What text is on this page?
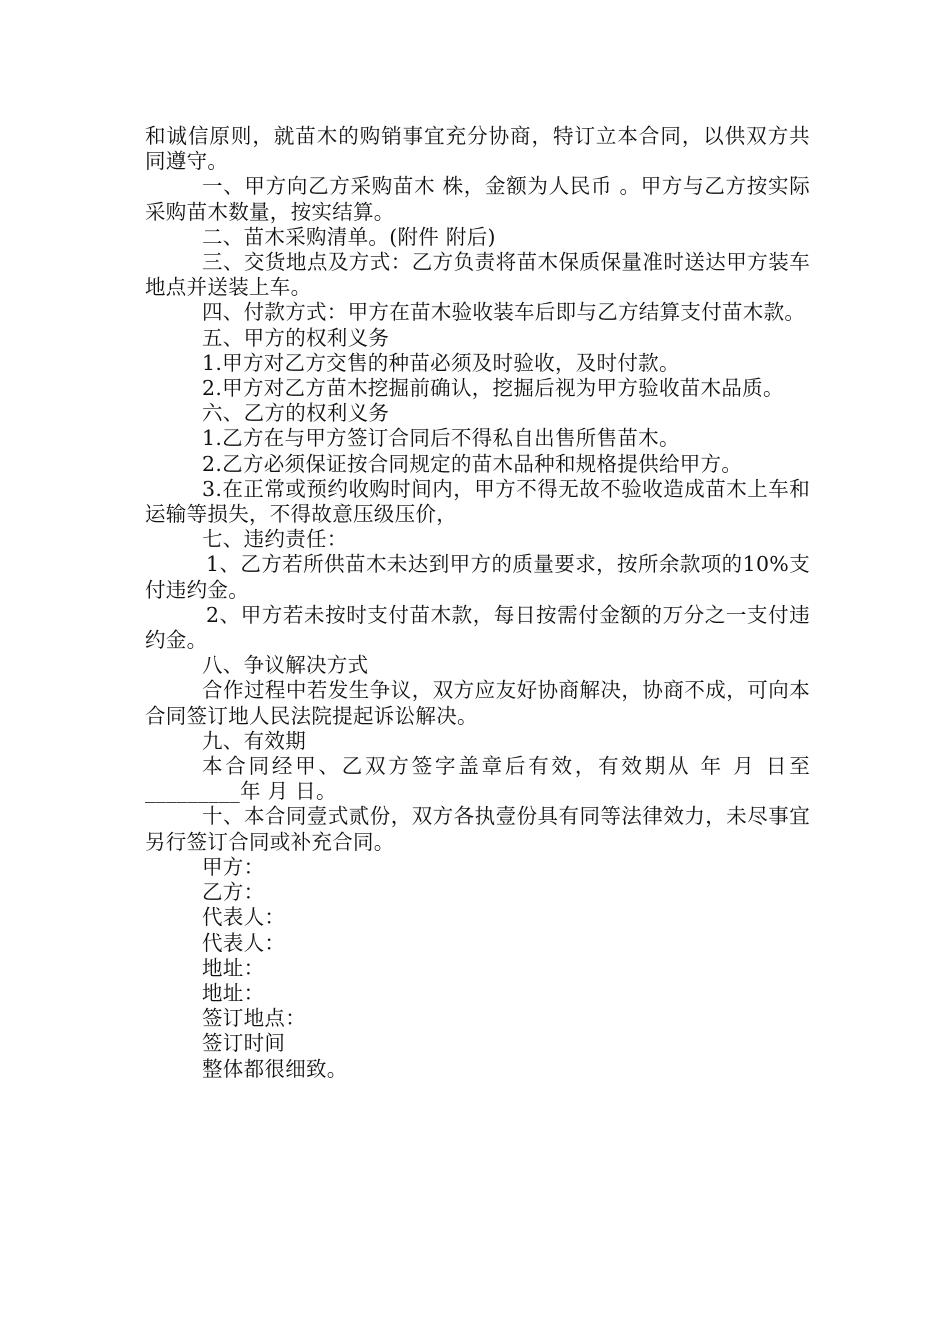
和诚信原则，就苗木的购销事宜充分协商，特订立本合同，以供双方共同遵守。

一、甲方向乙方采购苗木 株，金额为人民币 。甲方与乙方按实际采购苗木数量，按实结算。

二、苗木采购清单。(附件 附后)

三、交货地点及方式：乙方负责将苗木保质保量准时送达甲方装车地点并送装上车。

四、付款方式：甲方在苗木验收装车后即与乙方结算支付苗木款。

五、甲方的权利义务

1.甲方对乙方交售的种苗必须及时验收，及时付款。

2.甲方对乙方苗木挖掘前确认，挖掘后视为甲方验收苗木品质。

六、乙方的权利义务

1.乙方在与甲方签订合同后不得私自出售所售苗木。

2.乙方必须保证按合同规定的苗木品种和规格提供给甲方。

3.在正常或预约收购时间内，甲方不得无故不验收造成苗木上车和运输等损失，不得故意压级压价，

七、违约责任：

1、乙方若所供苗木未达到甲方的质量要求，按所余款项的10%支付违约金。

2、甲方若未按时支付苗木款，每日按需付金额的万分之一支付违约金。

八、争议解决方式

合作过程中若发生争议，双方应友好协商解决，协商不成，可向本合同签订地人民法院提起诉讼解决。

九、有效期

本合同经甲、乙双方签字盖章后有效，有效期从 年 月 日至_________年 月 日。

十、本合同壹式贰份，双方各执壹份具有同等法律效力，未尽事宜另行签订合同或补充合同。

甲方：

乙方：

代表人：

代表人：

地址：

地址：

签订地点：

签订时间

整体都很细致。
